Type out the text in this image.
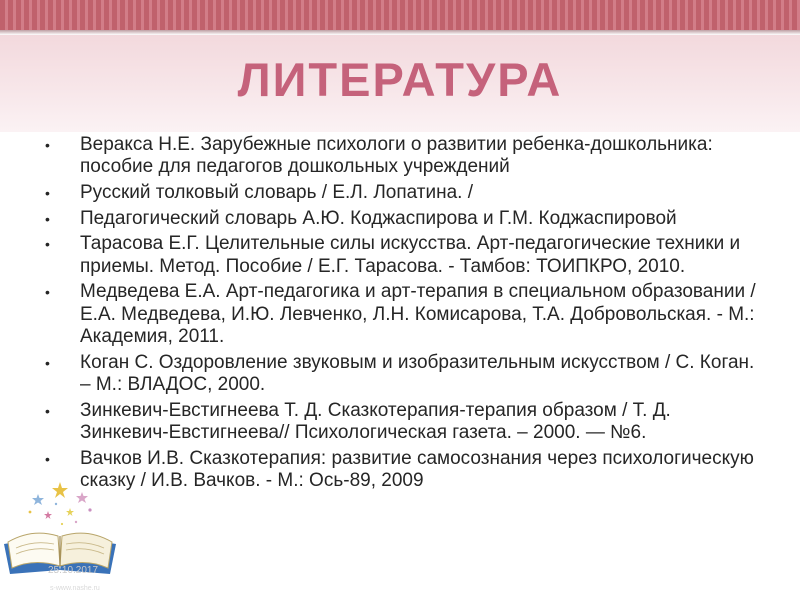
ЛИТЕРАТУРА
• Веракса Н.Е. Зарубежные психологи о развитии ребенка-дошкольника: пособие для педагогов дошкольных учреждений
• Русский толковый словарь / Е.Л. Лопатина. /
• Педагогический словарь А.Ю. Коджаспирова и Г.М. Коджаспировой
• Тарасова Е.Г. Целительные силы искусства. Арт-педагогические техники и приемы. Метод. Пособие / Е.Г. Тарасова. - Тамбов: ТОИПКРО, 2010.
• Медведева Е.А. Арт-педагогика и арт-терапия в специальном образовании / Е.А. Медведева, И.Ю. Левченко, Л.Н. Комисарова, Т.А. Добровольская. - М.: Академия, 2011.
• Коган С. Оздоровление звуковым и изобразительным искусством / С. Коган. – М.: ВЛАДОС, 2000.
• Зинкевич-Евстигнеева Т. Д. Сказкотерапия-терапия образом / Т. Д. Зинкевич-Евстигнеева// Психологическая газета. – 2000. — №6.
• Вачков И.В. Сказкотерапия: развитие самосознания через психологическую сказку / И.В. Вачков. - М.: Ось-89, 2009
25.10.2017
s-www.nashe.ru
